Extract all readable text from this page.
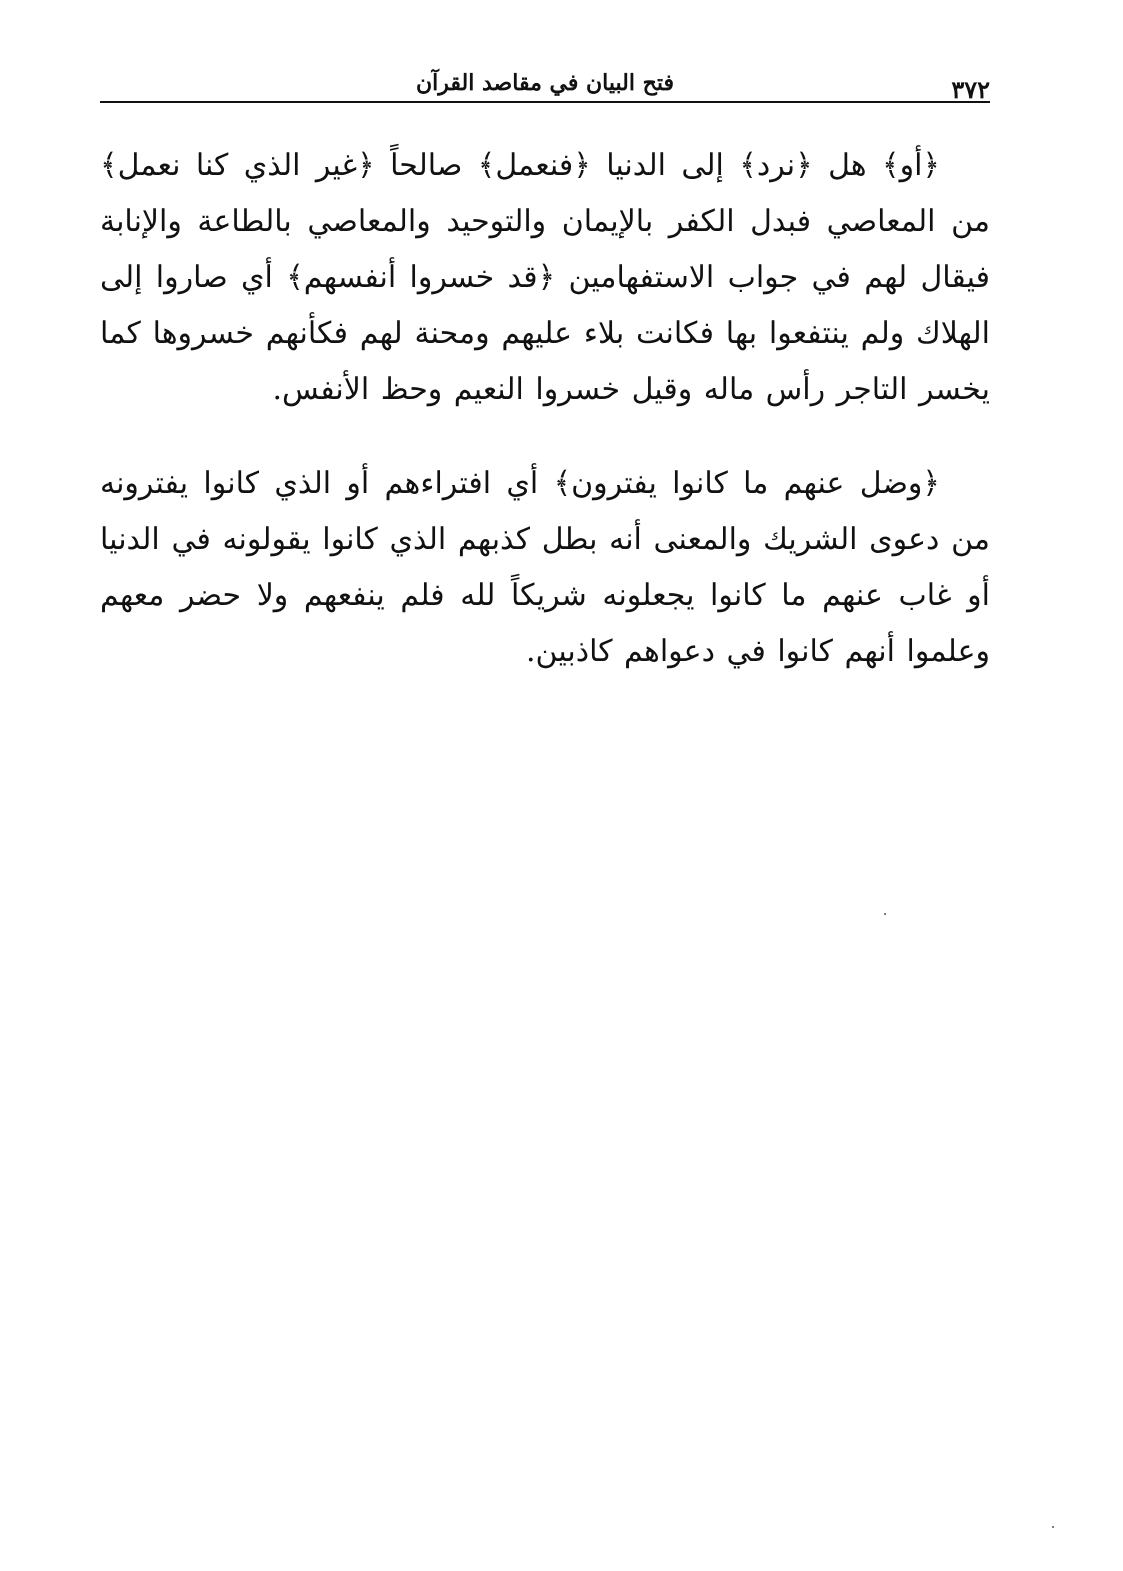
٣٧٢
فتح البيان في مقاصد القرآن

﴿أو﴾ هل ﴿نرد﴾ إلى الدنيا ﴿فنعمل﴾ صالحاً ﴿غير الذي كنا نعمل﴾ من المعاصي فبدل الكفر بالإيمان والتوحيد والمعاصي بالطاعة والإنابة فيقال لهم في جواب الاستفهامين ﴿قد خسروا أنفسهم﴾ أي صاروا إلى الهلاك ولم ينتفعوا بها فكانت بلاء عليهم ومحنة لهم فكأنهم خسروها كما يخسر التاجر رأس ماله وقيل خسروا النعيم وحظ الأنفس.

﴿وضل عنهم ما كانوا يفترون﴾ أي افتراءهم أو الذي كانوا يفترونه من دعوى الشريك والمعنى أنه بطل كذبهم الذي كانوا يقولونه في الدنيا أو غاب عنهم ما كانوا يجعلونه شريكاً لله فلم ينفعهم ولا حضر معهم وعلموا أنهم كانوا في دعواهم كاذبين.
